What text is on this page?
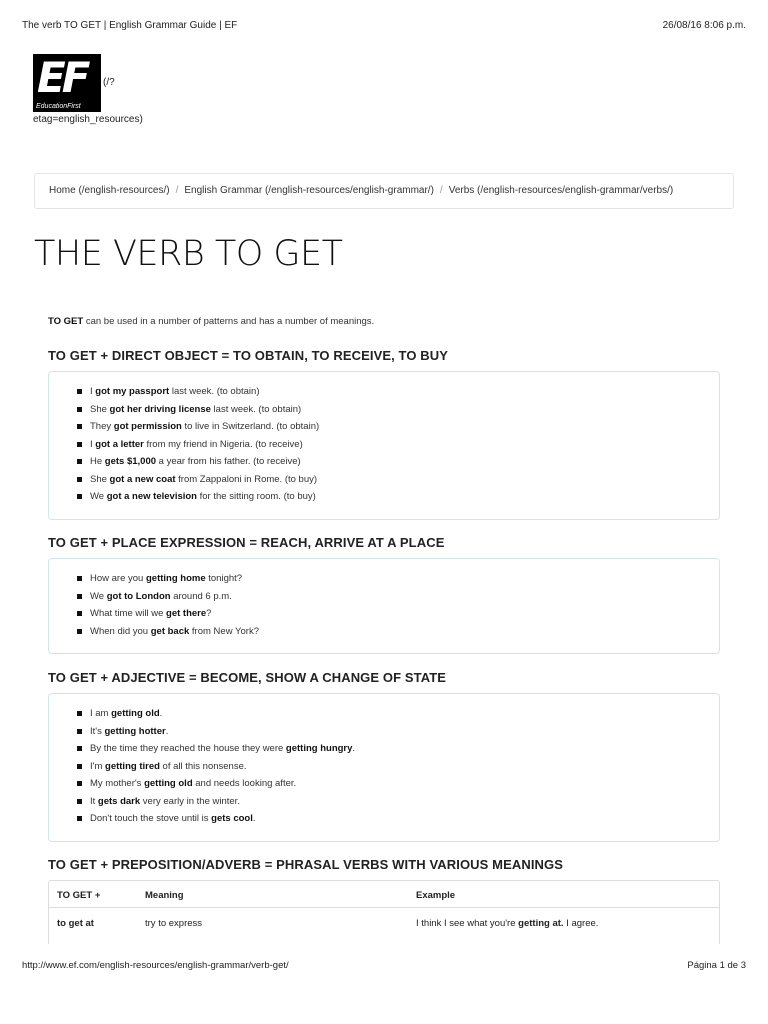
The verb TO GET | English Grammar Guide | EF	26/08/16 8:06 p.m.
EF
EducationFirst
(/?
etag=english_resources)
Home (/english-resources/) / English Grammar (/english-resources/english-grammar/) / Verbs (/english-resources/english-grammar/verbs/)
THE VERB TO GET

TO GET can be used in a number of patterns and has a number of meanings.

TO GET + DIRECT OBJECT = TO OBTAIN, TO RECEIVE, TO BUY
I got my passport last week. (to obtain)
She got her driving license last week. (to obtain)
They got permission to live in Switzerland. (to obtain)
I got a letter from my friend in Nigeria. (to receive)
He gets $1,000 a year from his father. (to receive)
She got a new coat from Zappaloni in Rome. (to buy)
We got a new television for the sitting room. (to buy)
TO GET + PLACE EXPRESSION = REACH, ARRIVE AT A PLACE
How are you getting home tonight?
We got to London around 6 p.m.
What time will we get there?
When did you get back from New York?
TO GET + ADJECTIVE = BECOME, SHOW A CHANGE OF STATE
I am getting old.
It's getting hotter.
By the time they reached the house they were getting hungry.
I'm getting tired of all this nonsense.
My mother's getting old and needs looking after.
It gets dark very early in the winter.
Don't touch the stove until is gets cool.
TO GET + PREPOSITION/ADVERB = PHRASAL VERBS WITH VARIOUS MEANINGS
TO GET +	Meaning	Example
to get at	try to express	I think I see what you're getting at. I agree.
http://www.ef.com/english-resources/english-grammar/verb-get/	Página 1 de 3
